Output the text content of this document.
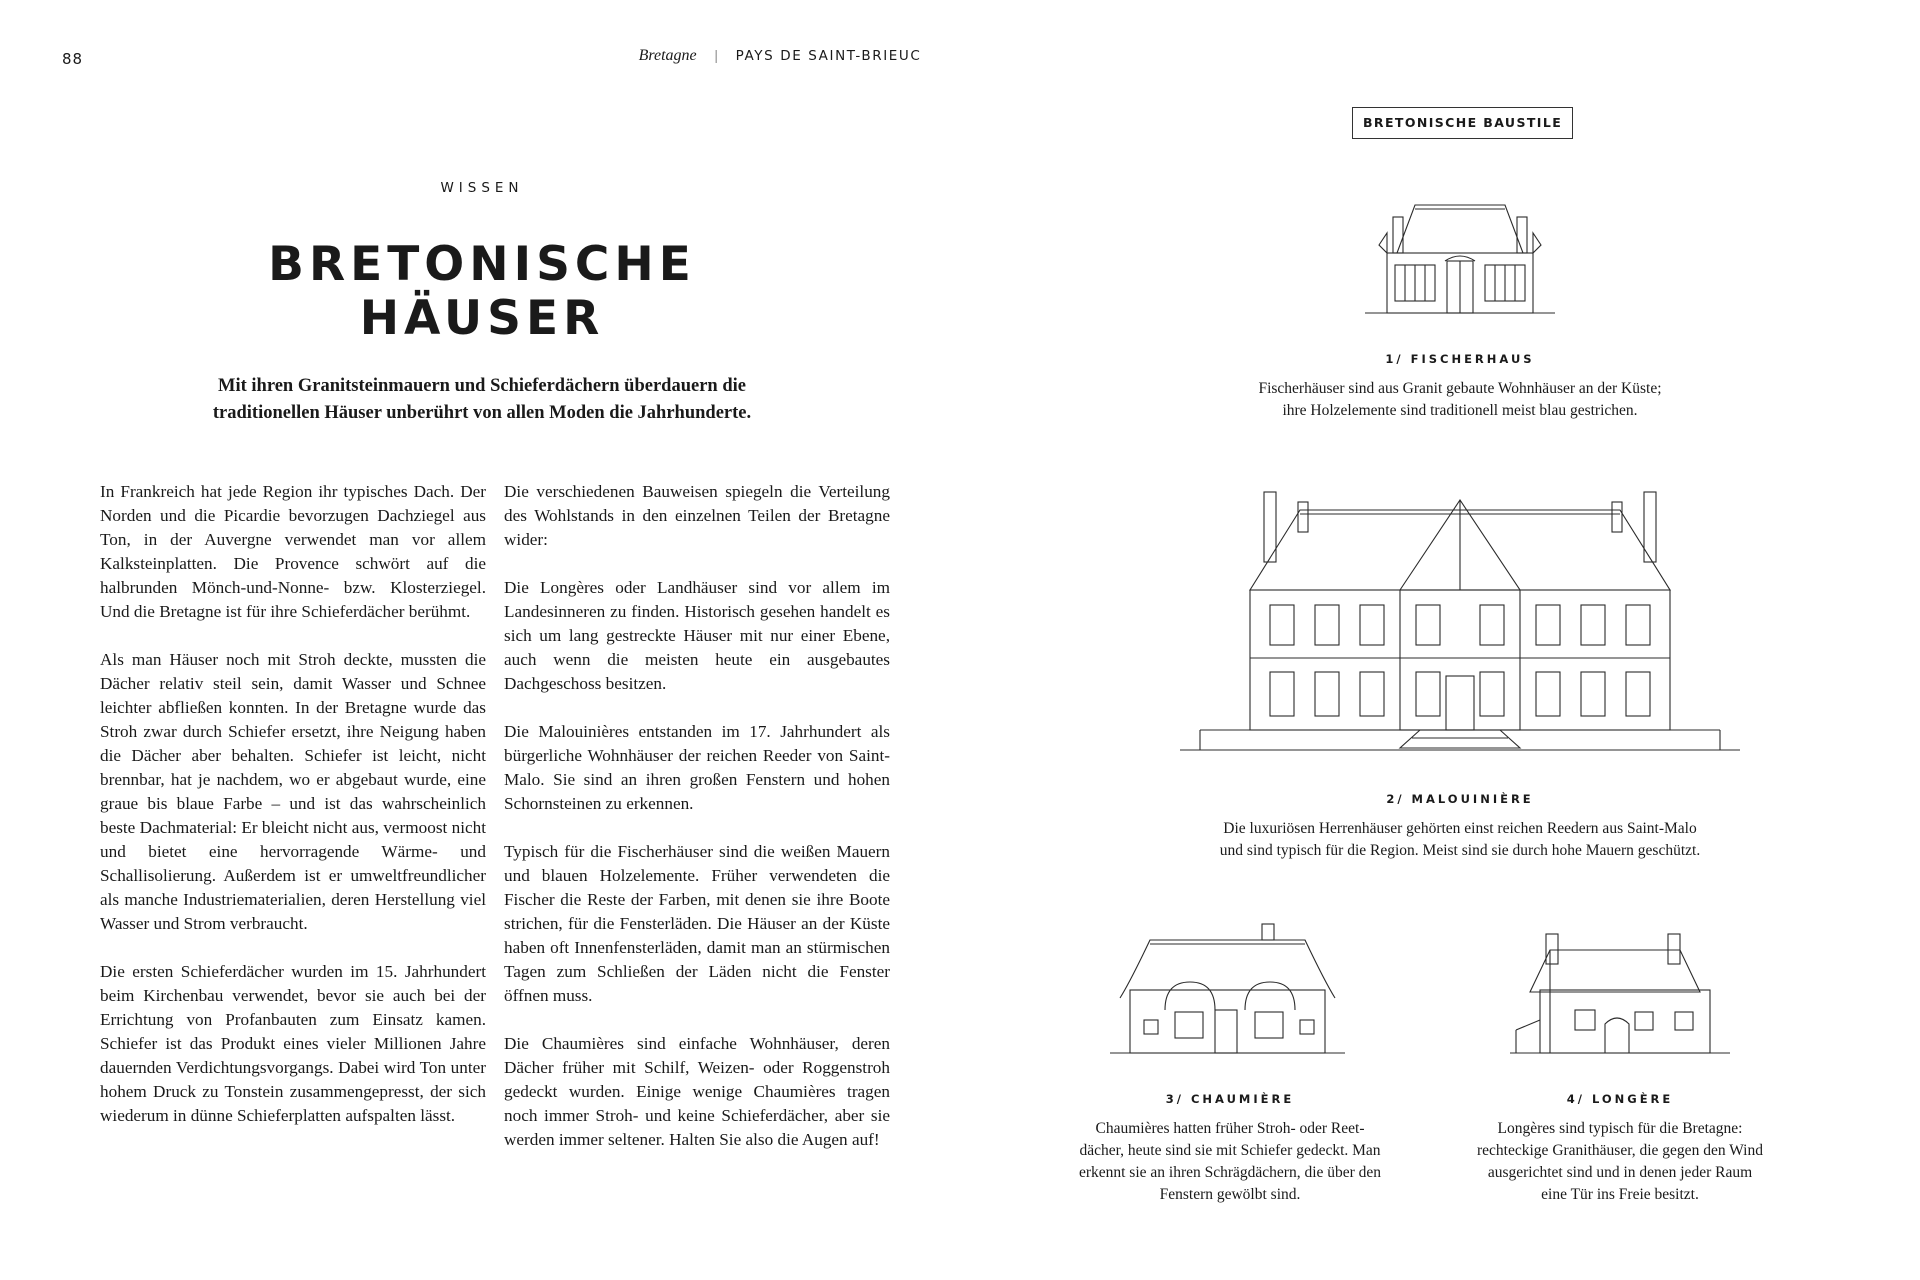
88	Bretagne | PAYS DE SAINT-BRIEUC
WISSEN
BRETONISCHE
HÄUSER
Mit ihren Granitsteinmauern und Schieferdächern überdauern die
traditionellen Häuser unberührt von allen Moden die Jahrhunderte.

In Frankreich hat jede Region ihr typisches Dach. Der Norden und die Picardie bevorzugen Dachziegel aus Ton, in der Auvergne verwendet man vor allem Kalksteinplatten. Die Provence schwört auf die halbrunden Mönch-und-Nonne- bzw. Klosterziegel. Und die Bretagne ist für ihre Schieferdächer berühmt.

Als man Häuser noch mit Stroh deckte, mussten die Dächer relativ steil sein, damit Wasser und Schnee leichter abfließen konnten. In der Bretagne wurde das Stroh zwar durch Schiefer ersetzt, ihre Neigung haben die Dächer aber behalten. Schiefer ist leicht, nicht brennbar, hat je nachdem, wo er abgebaut wurde, eine graue bis blaue Farbe – und ist das wahrscheinlich beste Dachmaterial: Er bleicht nicht aus, vermoost nicht und bietet eine hervorragende Wärme- und Schallisolierung. Außerdem ist er umweltfreundlicher als manche Industriematerialien, deren Herstellung viel Wasser und Strom verbraucht.

Die ersten Schieferdächer wurden im 15. Jahrhundert beim Kirchenbau verwendet, bevor sie auch bei der Errichtung von Profanbauten zum Einsatz kamen. Schiefer ist das Produkt eines vieler Millionen Jahre dauernden Verdichtungsvorgangs. Dabei wird Ton unter hohem Druck zu Tonstein zusammengepresst, der sich wiederum in dünne Schieferplatten aufspalten lässt.

Die verschiedenen Bauweisen spiegeln die Verteilung des Wohlstands in den einzelnen Teilen der Bretagne wider:

Die Longères oder Landhäuser sind vor allem im Landesinneren zu finden. Historisch gesehen handelt es sich um lang gestreckte Häuser mit nur einer Ebene, auch wenn die meisten heute ein ausgebautes Dachgeschoss besitzen.

Die Malouinières entstanden im 17. Jahrhundert als bürgerliche Wohnhäuser der reichen Reeder von Saint-Malo. Sie sind an ihren großen Fenstern und hohen Schornsteinen zu erkennen.

Typisch für die Fischerhäuser sind die weißen Mauern und blauen Holzelemente. Früher verwendeten die Fischer die Reste der Farben, mit denen sie ihre Boote strichen, für die Fensterläden. Die Häuser an der Küste haben oft Innenfensterläden, damit man an stürmischen Tagen zum Schließen der Läden nicht die Fenster öffnen muss.

Die Chaumières sind einfache Wohnhäuser, deren Dächer früher mit Schilf, Weizen- oder Roggenstroh gedeckt wurden. Einige wenige Chaumières tragen noch immer Stroh- und keine Schieferdächer, aber sie werden immer seltener. Halten Sie also die Augen auf!

BRETONISCHE BAUSTILE
1/ FISCHERHAUS
Fischerhäuser sind aus Granit gebaute Wohnhäuser an der Küste;
ihre Holzelemente sind traditionell meist blau gestrichen.
2/ MALOUINIÈRE
Die luxuriösen Herrenhäuser gehörten einst reichen Reedern aus Saint-Malo
und sind typisch für die Region. Meist sind sie durch hohe Mauern geschützt.
3/ CHAUMIÈRE
Chaumières hatten früher Stroh- oder Reet-
dächer, heute sind sie mit Schiefer gedeckt. Man
erkennt sie an ihren Schrägdächern, die über den
Fenstern gewölbt sind.
4/ LONGÈRE
Longères sind typisch für die Bretagne:
rechteckige Granithäuser, die gegen den Wind
ausgerichtet sind und in denen jeder Raum
eine Tür ins Freie besitzt.
